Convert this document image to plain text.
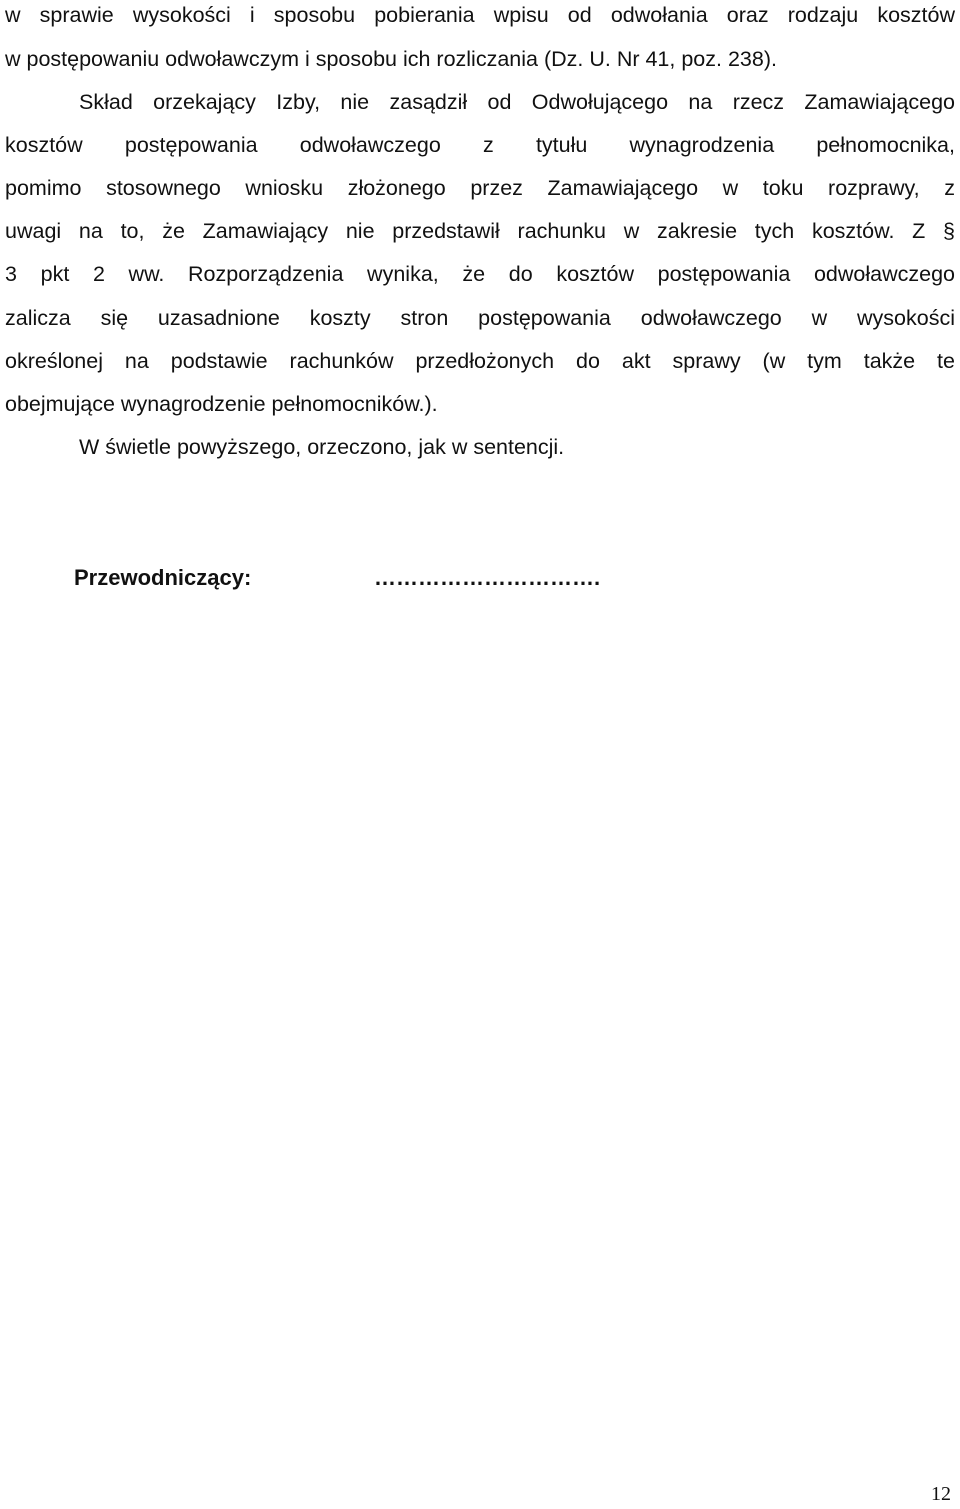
w sprawie wysokości i sposobu pobierania wpisu od odwołania oraz rodzaju kosztów
w postępowaniu odwoławczym i sposobu ich rozliczania (Dz. U. Nr 41, poz. 238).
Skład orzekający Izby, nie zasądził od Odwołującego na rzecz Zamawiającego
kosztów postępowania odwoławczego z tytułu wynagrodzenia pełnomocnika,
pomimo stosownego wniosku złożonego przez Zamawiającego w toku rozprawy, z
uwagi na to, że Zamawiający nie przedstawił rachunku w zakresie tych kosztów. Z §
3 pkt 2 ww. Rozporządzenia wynika, że do kosztów postępowania odwoławczego
zalicza się uzasadnione koszty stron postępowania odwoławczego w wysokości
określonej na podstawie rachunków przedłożonych do akt sprawy (w tym także te
obejmujące wynagrodzenie pełnomocników.).
W świetle powyższego, orzeczono, jak w sentencji.
Przewodniczący:	………………………….
12
